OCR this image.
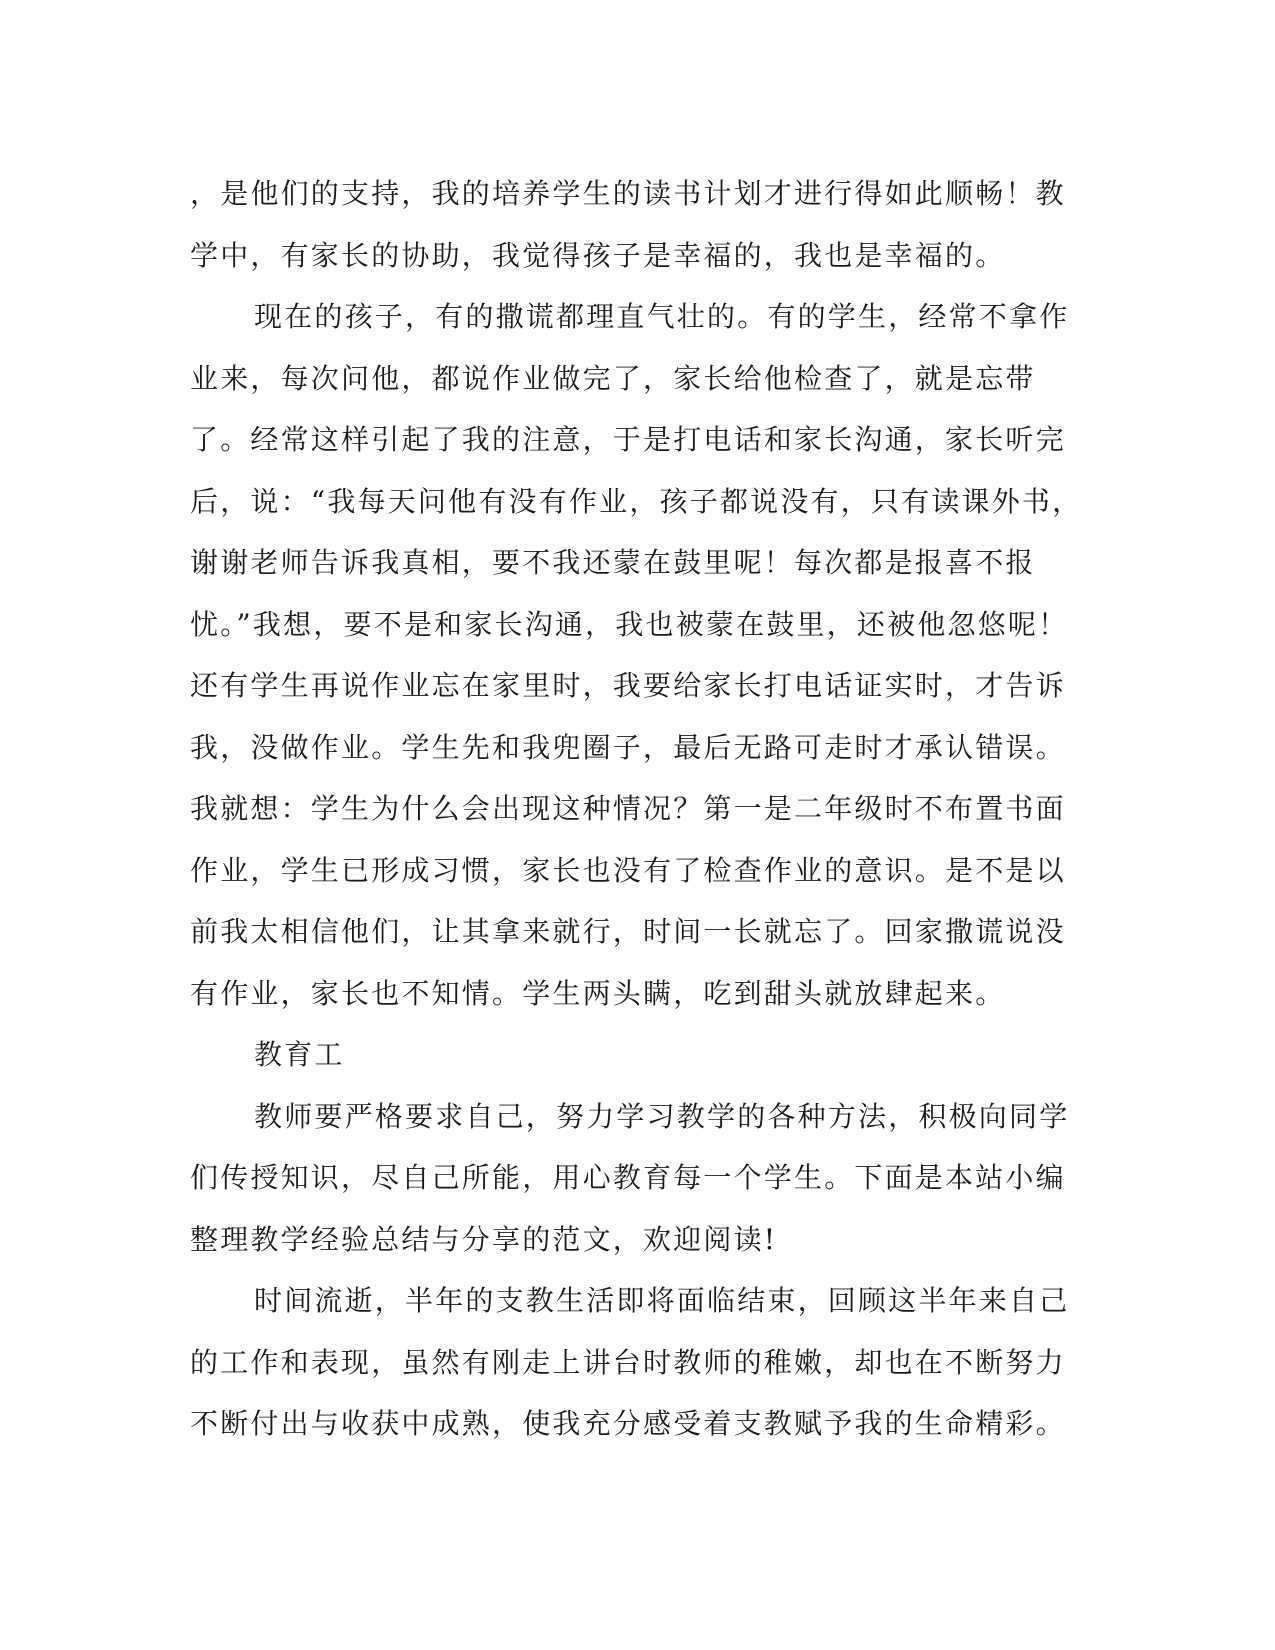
，是他们的支持，我的培养学生的读书计划才进行得如此顺畅！教学中，有家长的协助，我觉得孩子是幸福的，我也是幸福的。

现在的孩子，有的撒谎都理直气壮的。有的学生，经常不拿作业来，每次问他，都说作业做完了，家长给他检查了，就是忘带了。经常这样引起了我的注意，于是打电话和家长沟通，家长听完后，说：“我每天问他有没有作业，孩子都说没有，只有读课外书，谢谢老师告诉我真相，要不我还蒙在鼓里呢！每次都是报喜不报忧。”我想，要不是和家长沟通，我也被蒙在鼓里，还被他忽悠呢！还有学生再说作业忘在家里时，我要给家长打电话证实时，才告诉我，没做作业。学生先和我兜圈子，最后无路可走时才承认错误。我就想：学生为什么会出现这种情况？第一是二年级时不布置书面作业，学生已形成习惯，家长也没有了检查作业的意识。是不是以前我太相信他们，让其拿来就行，时间一长就忘了。回家撒谎说没有作业，家长也不知情。学生两头瞒，吃到甜头就放肆起来。

教育工

教师要严格要求自己，努力学习教学的各种方法，积极向同学们传授知识，尽自己所能，用心教育每一个学生。下面是本站小编整理教学经验总结与分享的范文，欢迎阅读!

时间流逝，半年的支教生活即将面临结束，回顾这半年来自己的工作和表现，虽然有刚走上讲台时教师的稚嫩，却也在不断努力不断付出与收获中成熟，使我充分感受着支教赋予我的生命精彩。
